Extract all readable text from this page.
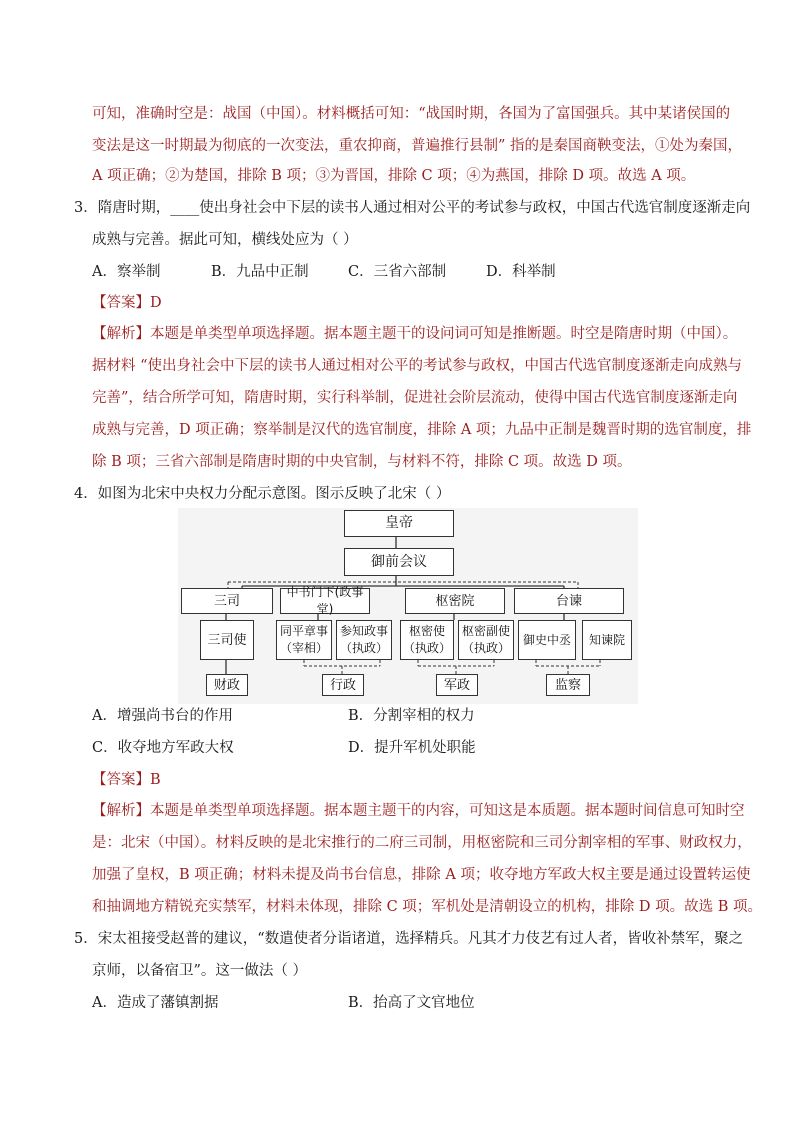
可知，准确时空是：战国（中国）。材料概括可知：“战国时期，各国为了富国强兵。其中某诸侯国的
变法是这一时期最为彻底的一次变法，重农抑商，普遍推行县制” 指的是秦国商鞅变法，①处为秦国，
A 项正确；②为楚国，排除 B 项；③为晋国，排除 C 项；④为燕国，排除 D 项。故选 A 项。
3．隋唐时期，____使出身社会中下层的读书人通过相对公平的考试参与政权，中国古代选官制度逐渐走向
成熟与完善。据此可知，横线处应为（ ）
A．察举制	B．九品中正制	C．三省六部制	D．科举制
【答案】D
【解析】本题是单类型单项选择题。据本题主题干的设问词可知是推断题。时空是隋唐时期（中国）。
据材料 “使出身社会中下层的读书人通过相对公平的考试参与政权，中国古代选官制度逐渐走向成熟与
完善”，结合所学可知，隋唐时期，实行科举制，促进社会阶层流动，使得中国古代选官制度逐渐走向
成熟与完善，D 项正确；察举制是汉代的选官制度，排除 A 项；九品中正制是魏晋时期的选官制度，排
除 B 项；三省六部制是隋唐时期的中央官制，与材料不符，排除 C 项。故选 D 项。
4．如图为北宋中央权力分配示意图。图示反映了北宋（ ）
皇帝
御前会议
三司
中书门下(政事堂)
枢密院	台谏
三司使
同平章事
（宰相）
参知政事
（执政）
枢密使
（执政）
枢密副使
（执政）
御史中丞	知谏院
财政	行政	军政	监察
A．增强尚书台的作用	B．分割宰相的权力
C．收夺地方军政大权	D．提升军机处职能
【答案】B
【解析】本题是单类型单项选择题。据本题主题干的内容，可知这是本质题。据本题时间信息可知时空
是：北宋（中国）。材料反映的是北宋推行的二府三司制，用枢密院和三司分割宰相的军事、财政权力，
加强了皇权，B 项正确；材料未提及尚书台信息，排除 A 项；收夺地方军政大权主要是通过设置转运使
和抽调地方精锐充实禁军，材料未体现，排除 C 项；军机处是清朝设立的机构，排除 D 项。故选 B 项。
5．宋太祖接受赵普的建议，“数遣使者分诣诸道，选择精兵。凡其才力伎艺有过人者，皆收补禁军，聚之
京师，以备宿卫”。这一做法（ ）
A．造成了藩镇割据	B．抬高了文官地位
